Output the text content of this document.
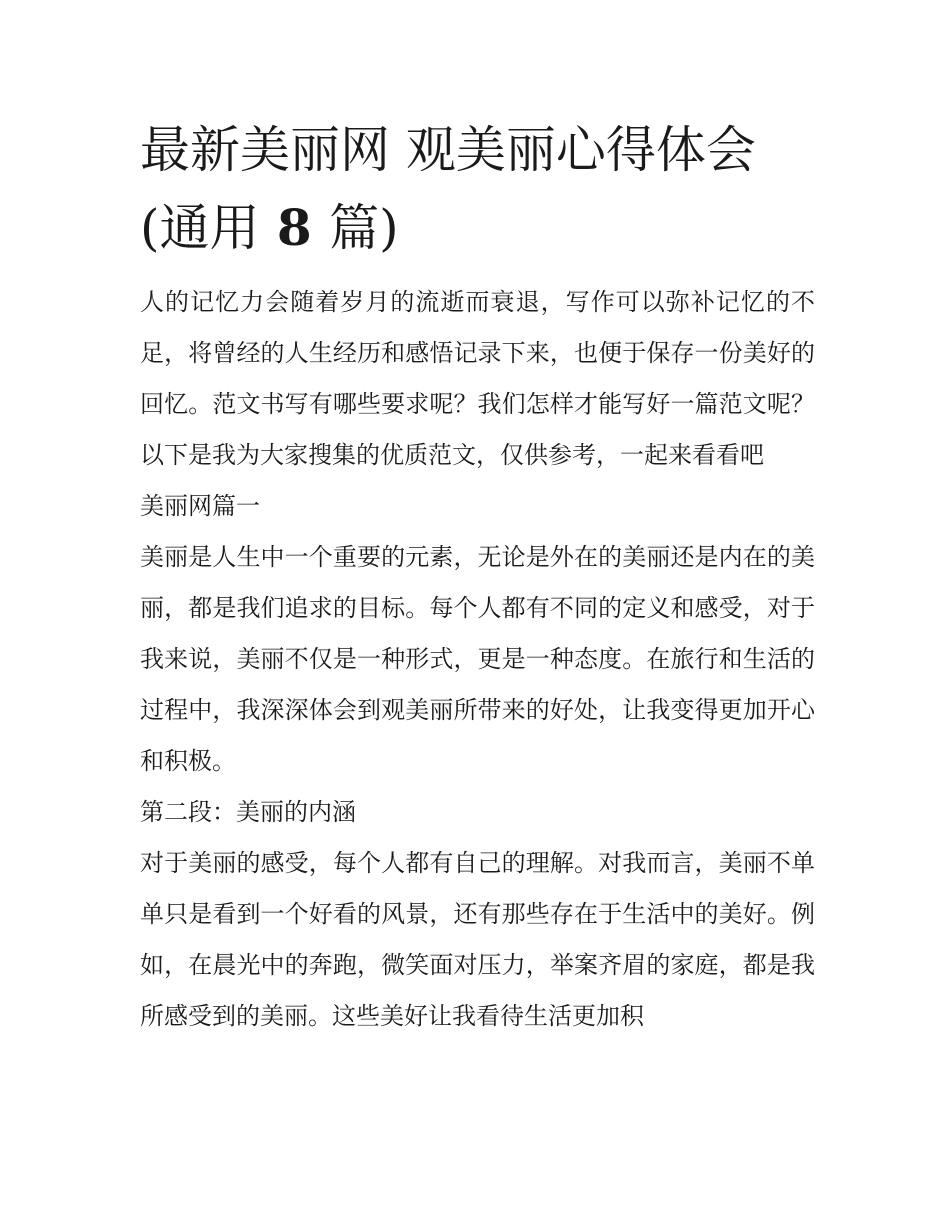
最新美丽网 观美丽心得体会
(通用 8 篇)

人的记忆力会随着岁月的流逝而衰退，写作可以弥补记忆的不足，将曾经的人生经历和感悟记录下来，也便于保存一份美好的回忆。范文书写有哪些要求呢？我们怎样才能写好一篇范文呢？以下是我为大家搜集的优质范文，仅供参考，一起来看看吧

美丽网篇一

美丽是人生中一个重要的元素，无论是外在的美丽还是内在的美丽，都是我们追求的目标。每个人都有不同的定义和感受，对于我来说，美丽不仅是一种形式，更是一种态度。在旅行和生活的过程中，我深深体会到观美丽所带来的好处，让我变得更加开心和积极。

第二段：美丽的内涵

对于美丽的感受，每个人都有自己的理解。对我而言，美丽不单单只是看到一个好看的风景，还有那些存在于生活中的美好。例如，在晨光中的奔跑，微笑面对压力，举案齐眉的家庭，都是我所感受到的美丽。这些美好让我看待生活更加积
